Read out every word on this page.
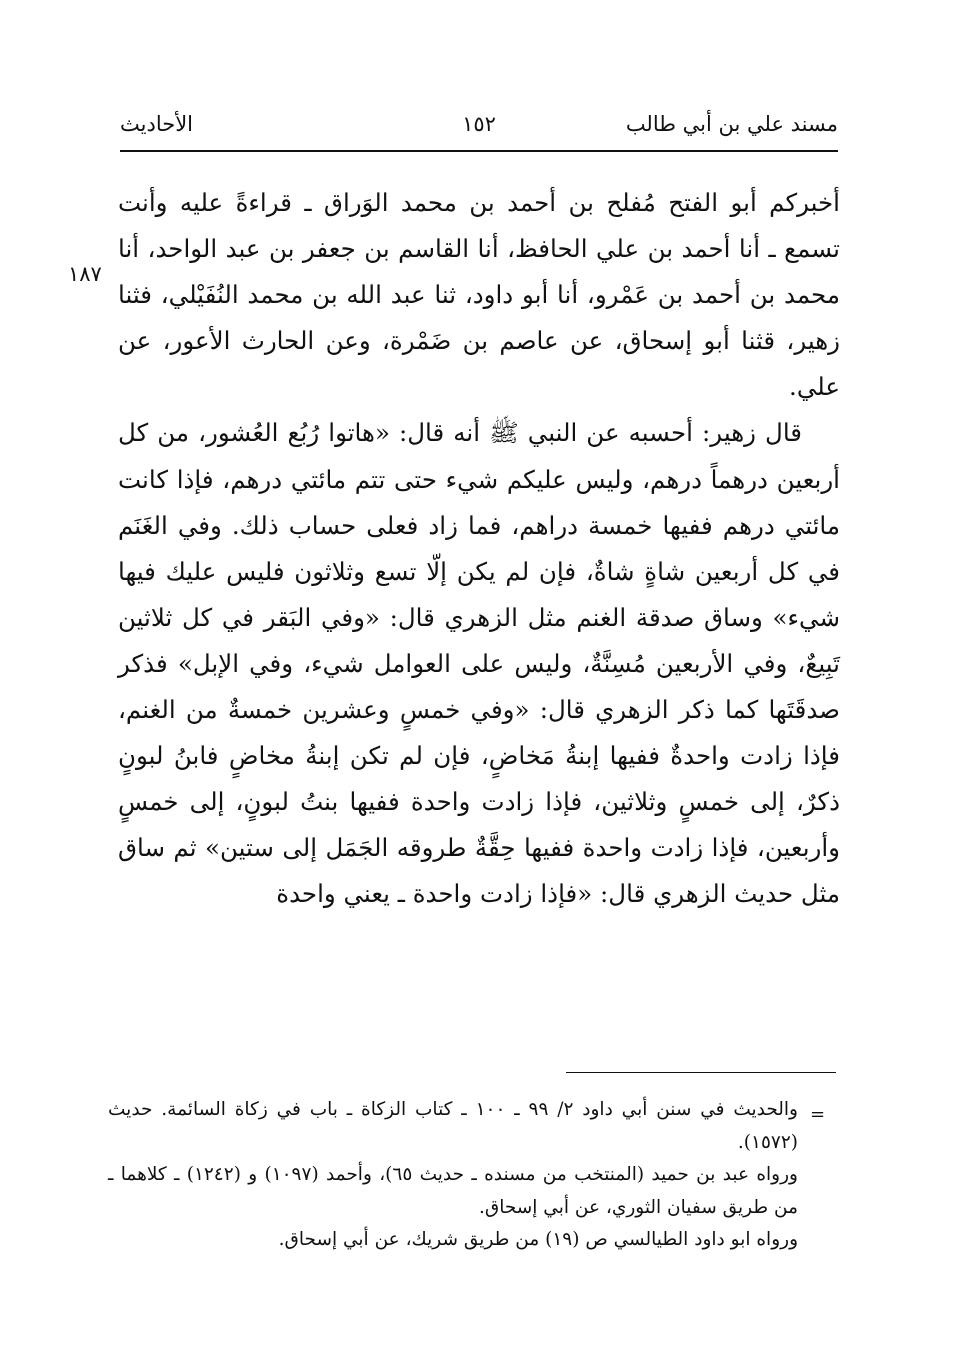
مسند علي بن أبي طالب
١٥٢
الأحاديث
١٨٧

أخبركم أبو الفتح مُفلح بن أحمد بن محمد الوَراق ـ قراءةً عليه وأنت تسمع ـ أنا أحمد بن علي الحافظ، أنا القاسم بن جعفر بن عبد الواحد، أنا محمد بن أحمد بن عَمْرو، أنا أبو داود، ثنا عبد الله بن محمد النُفَيْلي، فثنا زهير، قثنا أبو إسحاق، عن عاصم بن ضَمْرة، وعن الحارث الأعور، عن علي.

قال زهير: أحسبه عن النبي ﷺ أنه قال: «هاتوا رُبُع العُشور، من كل أربعين درهماً درهم، وليس عليكم شيء حتى تتم مائتي درهم، فإذا كانت مائتي درهم ففيها خمسة دراهم، فما زاد فعلى حساب ذلك. وفي الغَنَم في كل أربعين شاةٍ شاةٌ، فإن لم يكن إلّا تسع وثلاثون فليس عليك فيها شيء» وساق صدقة الغنم مثل الزهري قال: «وفي البَقر في كل ثلاثين تَبِيعٌ، وفي الأربعين مُسِنَّةٌ، وليس على العوامل شيء، وفي الإبل» فذكر صدقَتَها كما ذكر الزهري قال: «وفي خمسٍ وعشرين خمسةٌ من الغنم، فإذا زادت واحدةٌ ففيها إبنةُ مَخاضٍ، فإن لم تكن إبنةُ مخاضٍ فابنُ لبونٍ ذكرٌ، إلى خمسٍ وثلاثين، فإذا زادت واحدة ففيها بنتُ لبونٍ، إلى خمسٍ وأربعين، فإذا زادت واحدة ففيها حِقَّةٌ طروقه الجَمَل إلى ستين» ثم ساق مثل حديث الزهري قال: «فإذا زادت واحدة ـ يعني واحدة

=

والحديث في سنن أبي داود ٢/ ٩٩ ـ ١٠٠ ـ كتاب الزكاة ـ باب في زكاة السائمة. حديث (١٥٧٢).

ورواه عبد بن حميد (المنتخب من مسنده ـ حديث ٦٥)، وأحمد (١٠٩٧) و (١٢٤٢) ـ كلاهما ـ من طريق سفيان الثوري، عن أبي إسحاق.

ورواه ابو داود الطيالسي ص (١٩) من طريق شريك، عن أبي إسحاق.
